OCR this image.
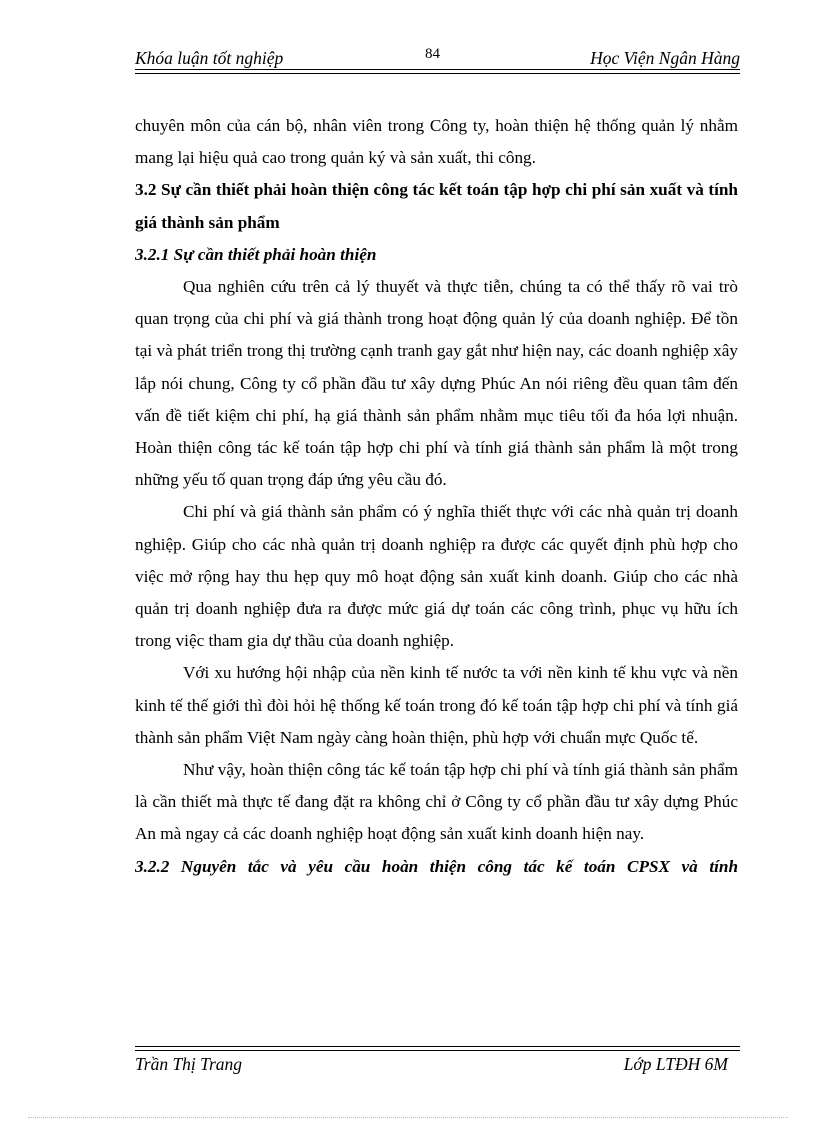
Khóa luận tốt nghiệp	84	Học Viện Ngân Hàng

chuyên môn của cán bộ, nhân viên trong Công ty, hoàn thiện hệ thống quản lý nhằm mang lại hiệu quả cao trong quản ký và sản xuất, thi công.

3.2 Sự cần thiết phải hoàn thiện công tác kết toán tập hợp chi phí sản xuất và tính giá thành sản phẩm

3.2.1 Sự cần thiết phải hoàn thiện

Qua nghiên cứu trên cả lý thuyết và thực tiễn, chúng ta có thể thấy rõ vai trò quan trọng của chi phí và giá thành trong hoạt động quản lý của doanh nghiệp. Để tồn tại và phát triển trong thị trường cạnh tranh gay gắt như hiện nay, các doanh nghiệp xây lắp nói chung, Công ty cổ phần đầu tư xây dựng Phúc An nói riêng đều quan tâm đến vấn đề tiết kiệm chi phí, hạ giá thành sản phẩm nhằm mục tiêu tối đa hóa lợi nhuận. Hoàn thiện công tác kế toán tập hợp chi phí và tính giá thành sản phẩm là một trong những yếu tố quan trọng đáp ứng yêu cầu đó.

Chi phí và giá thành sản phẩm có ý nghĩa thiết thực với các nhà quản trị doanh nghiệp. Giúp cho các nhà quản trị doanh nghiệp ra được các quyết định phù hợp cho việc mở rộng hay thu hẹp quy mô hoạt động sản xuất kinh doanh. Giúp cho các nhà quản trị doanh nghiệp đưa ra được mức giá dự toán các công trình, phục vụ hữu ích trong việc tham gia dự thầu của doanh nghiệp.

Với xu hướng hội nhập của nền kinh tế nước ta với nền kinh tế khu vực và nền kinh tế thế giới thì đòi hỏi hệ thống kế toán trong đó kế toán tập hợp chi phí và tính giá thành sản phẩm Việt Nam ngày càng hoàn thiện, phù hợp với chuẩn mực Quốc tế.

Như vậy, hoàn thiện công tác kế toán tập hợp chi phí và tính giá thành sản phẩm là cần thiết mà thực tế đang đặt ra không chỉ ở Công ty cổ phần đầu tư xây dựng Phúc An mà ngay cả các doanh nghiệp hoạt động sản xuất kinh doanh hiện nay.

3.2.2 Nguyên tắc và yêu cầu hoàn thiện công tác kế toán CPSX và tính

Trần Thị Trang	Lớp LTĐH 6M
